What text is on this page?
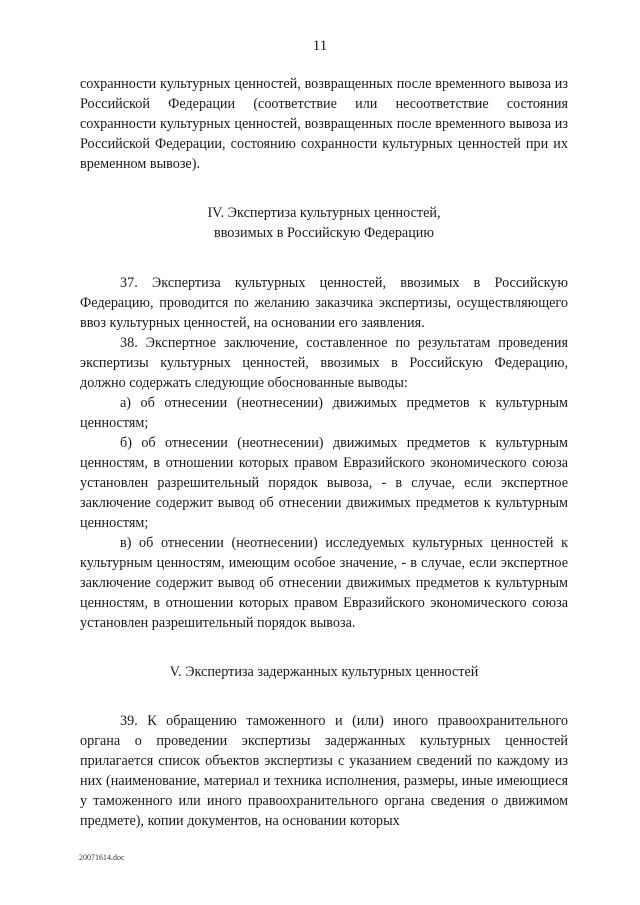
11

сохранности культурных ценностей, возвращенных после временного вывоза из Российской Федерации (соответствие или несоответствие состояния сохранности культурных ценностей, возвращенных после временного вывоза из Российской Федерации, состоянию сохранности культурных ценностей при их временном вывозе).

IV. Экспертиза культурных ценностей,
ввозимых в Российскую Федерацию

37. Экспертиза культурных ценностей, ввозимых в Российскую Федерацию, проводится по желанию заказчика экспертизы, осуществляющего ввоз культурных ценностей, на основании его заявления.

38. Экспертное заключение, составленное по результатам проведения экспертизы культурных ценностей, ввозимых в Российскую Федерацию, должно содержать следующие обоснованные выводы:

а) об отнесении (неотнесении) движимых предметов к культурным ценностям;

б) об отнесении (неотнесении) движимых предметов к культурным ценностям, в отношении которых правом Евразийского экономического союза установлен разрешительный порядок вывоза, - в случае, если экспертное заключение содержит вывод об отнесении движимых предметов к культурным ценностям;

в) об отнесении (неотнесении) исследуемых культурных ценностей к культурным ценностям, имеющим особое значение, - в случае, если экспертное заключение содержит вывод об отнесении движимых предметов к культурным ценностям, в отношении которых правом Евразийского экономического союза установлен разрешительный порядок вывоза.

V. Экспертиза задержанных культурных ценностей

39. К обращению таможенного и (или) иного правоохранительного органа о проведении экспертизы задержанных культурных ценностей прилагается список объектов экспертизы с указанием сведений по каждому из них (наименование, материал и техника исполнения, размеры, иные имеющиеся у таможенного или иного правоохранительного органа сведения о движимом предмете), копии документов, на основании которых

20071614.doc
